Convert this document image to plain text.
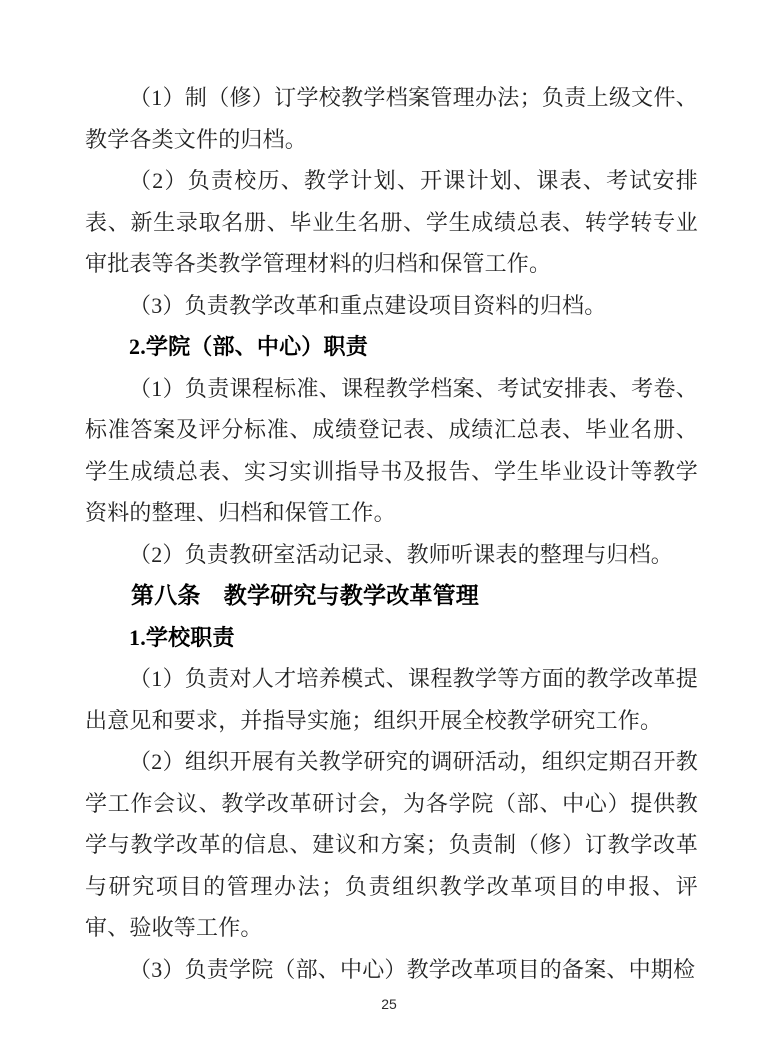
（1）制（修）订学校教学档案管理办法；负责上级文件、教学各类文件的归档。

（2）负责校历、教学计划、开课计划、课表、考试安排表、新生录取名册、毕业生名册、学生成绩总表、转学转专业审批表等各类教学管理材料的归档和保管工作。

（3）负责教学改革和重点建设项目资料的归档。

2.学院（部、中心）职责

（1）负责课程标准、课程教学档案、考试安排表、考卷、标准答案及评分标准、成绩登记表、成绩汇总表、毕业名册、学生成绩总表、实习实训指导书及报告、学生毕业设计等教学资料的整理、归档和保管工作。

（2）负责教研室活动记录、教师听课表的整理与归档。

第八条　教学研究与教学改革管理

1.学校职责

（1）负责对人才培养模式、课程教学等方面的教学改革提出意见和要求，并指导实施；组织开展全校教学研究工作。

（2）组织开展有关教学研究的调研活动，组织定期召开教学工作会议、教学改革研讨会，为各学院（部、中心）提供教学与教学改革的信息、建议和方案；负责制（修）订教学改革与研究项目的管理办法；负责组织教学改革项目的申报、评审、验收等工作。

（3）负责学院（部、中心）教学改革项目的备案、中期检

25
